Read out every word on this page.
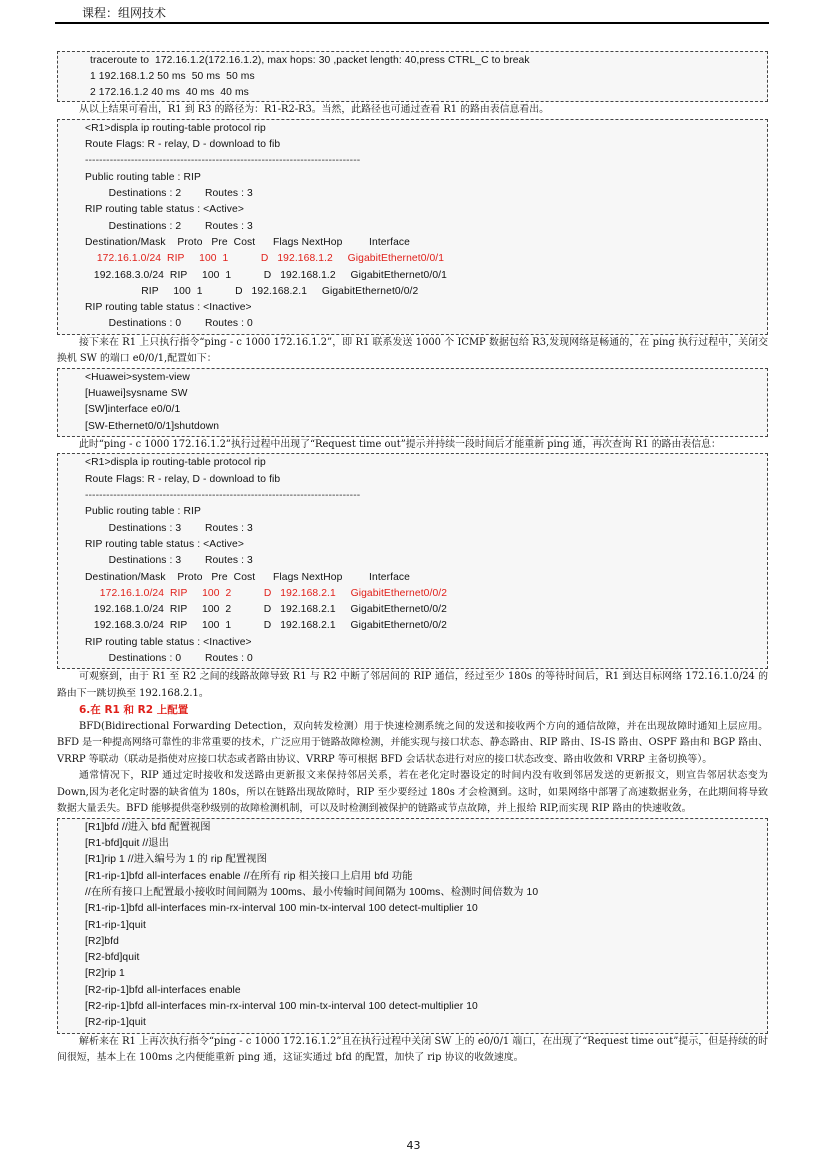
课程：组网技术
traceroute to  172.16.1.2(172.16.1.2), max hops: 30 ,packet length: 40,press CTRL_C to break
1 192.168.1.2 50 ms  50 ms  50 ms
2 172.16.1.2 40 ms  40 ms  40 ms

从以上结果可看出，R1 到 R3 的路径为：R1-R2-R3。当然，此路径也可通过查看 R1 的路由表信息看出。

<R1>displa ip routing-table protocol rip
Route Flags: R - relay, D - download to fib
------------------------------------------------------------------------------
Public routing table : RIP
Destinations : 2        Routes : 3
RIP routing table status : <Active>
Destinations : 2        Routes : 3
Destination/Mask    Proto   Pre  Cost      Flags NextHop         Interface
172.16.1.0/24  RIP     100  1           D   192.168.1.2     GigabitEthernet0/0/1
192.168.3.0/24  RIP     100  1           D   192.168.1.2     GigabitEthernet0/0/1
RIP     100  1           D   192.168.2.1     GigabitEthernet0/0/2
RIP routing table status : <Inactive>
Destinations : 0        Routes : 0

接下来在 R1 上只执行指令“ping - c 1000 172.16.1.2”，即 R1 联系发送 1000 个 ICMP 数据包给 R3,发现网络是畅通的，在 ping 执行过程中，关闭交换机 SW 的端口 e0/0/1,配置如下：

<Huawei>system-view
[Huawei]sysname SW
[SW]interface e0/0/1
[SW-Ethernet0/0/1]shutdown

此时“ping - c 1000 172.16.1.2”执行过程中出现了“Request time out”提示并持续一段时间后才能重新 ping 通，再次查询 R1 的路由表信息：

<R1>displa ip routing-table protocol rip
Route Flags: R - relay, D - download to fib
------------------------------------------------------------------------------
Public routing table : RIP
Destinations : 3        Routes : 3
RIP routing table status : <Active>
Destinations : 3        Routes : 3
Destination/Mask    Proto   Pre  Cost      Flags NextHop         Interface
172.16.1.0/24  RIP     100  2           D   192.168.2.1     GigabitEthernet0/0/2
192.168.1.0/24  RIP     100  2           D   192.168.2.1     GigabitEthernet0/0/2
192.168.3.0/24  RIP     100  1           D   192.168.2.1     GigabitEthernet0/0/2
RIP routing table status : <Inactive>
Destinations : 0        Routes : 0

可观察到，由于 R1 至 R2 之间的线路故障导致 R1 与 R2 中断了邻居间的 RIP 通信，经过至少 180s 的等待时间后，R1 到达目标网络 172.16.1.0/24 的路由下一跳切换至 192.168.2.1。

6.在 R1 和 R2 上配置

BFD(Bidirectional Forwarding Detection，双向转发检测）用于快速检测系统之间的发送和接收两个方向的通信故障，并在出现故障时通知上层应用。BFD 是一种提高网络可靠性的非常重要的技术，广泛应用于链路故障检测，并能实现与接口状态、静态路由、RIP 路由、IS-IS 路由、OSPF 路由和 BGP 路由、VRRP 等联动（联动是指使对应接口状态或者路由协议、VRRP 等可根据 BFD 会话状态进行对应的接口状态改变、路由收敛和 VRRP 主备切换等）。

通常情况下，RIP 通过定时接收和发送路由更新报文来保持邻居关系，若在老化定时器设定的时间内没有收到邻居发送的更新报文，则宣告邻居状态变为 Down,因为老化定时器的缺省值为 180s，所以在链路出现故障时，RIP 至少要经过 180s 才会检测到。这时，如果网络中部署了高速数据业务，在此期间将导致数据大量丢失。BFD 能够提供毫秒级别的故障检测机制，可以及时检测到被保护的链路或节点故障，并上报给 RIP,而实现 RIP 路由的快速收敛。

[R1]bfd //进入 bfd 配置视图
[R1-bfd]quit //退出
[R1]rip 1 //进入编号为 1 的 rip 配置视图
[R1-rip-1]bfd all-interfaces enable //在所有 rip 相关接口上启用 bfd 功能
//在所有接口上配置最小接收时间间隔为 100ms、最小传输时间间隔为 100ms、检测时间倍数为 10
[R1-rip-1]bfd all-interfaces min-rx-interval 100 min-tx-interval 100 detect-multiplier 10
[R1-rip-1]quit
[R2]bfd
[R2-bfd]quit
[R2]rip 1
[R2-rip-1]bfd all-interfaces enable
[R2-rip-1]bfd all-interfaces min-rx-interval 100 min-tx-interval 100 detect-multiplier 10
[R2-rip-1]quit

解析来在 R1 上再次执行指令“ping - c 1000 172.16.1.2”且在执行过程中关闭 SW 上的 e0/0/1 端口，在出现了“Request time out”提示，但是持续的时间很短，基本上在 100ms 之内便能重新 ping 通，这证实通过 bfd 的配置，加快了 rip 协议的收敛速度。

43
